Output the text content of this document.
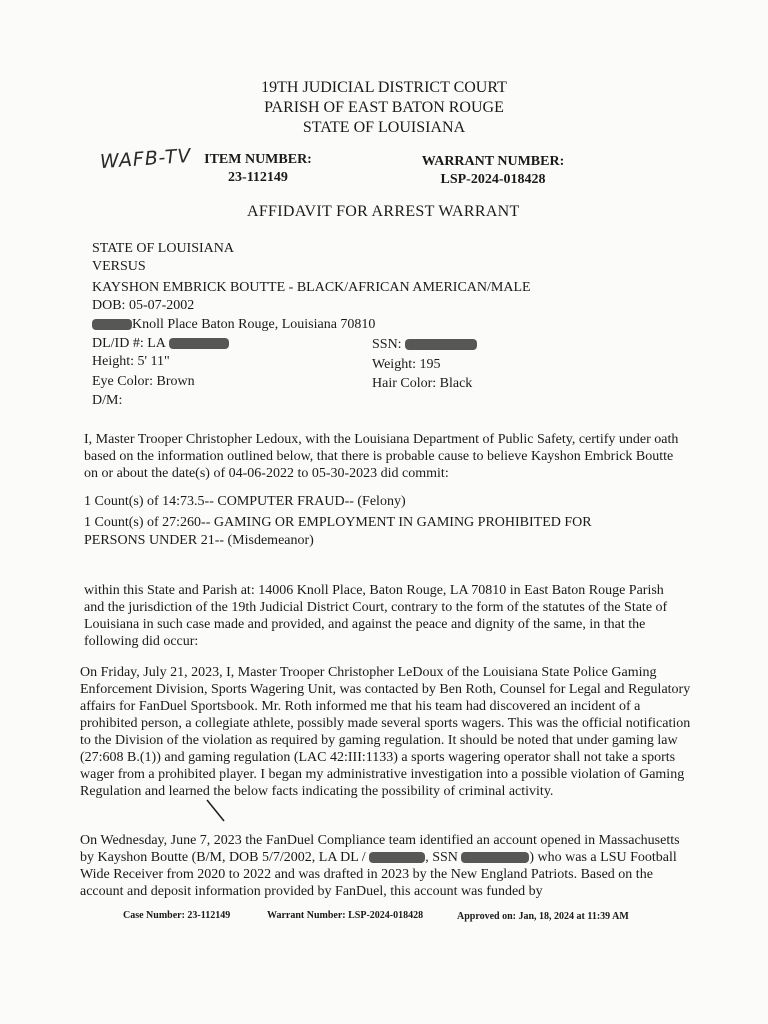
19TH JUDICIAL DISTRICT COURT
PARISH OF EAST BATON ROUGE
STATE OF LOUISIANA
WAFB-TV ITEM NUMBER:
23-112149
WARRANT NUMBER:
LSP-2024-018428
AFFIDAVIT FOR ARREST WARRANT
STATE OF LOUISIANA
VERSUS
KAYSHON EMBRICK BOUTTE - BLACK/AFRICAN AMERICAN/MALE
DOB: 05-07-2002
Knoll Place Baton Rouge, Louisiana 70810
DL/ID #: LA	SSN:
Height: 5' 11"	Weight: 195
Eye Color: Brown	Hair Color: Black
D/M:
I, Master Trooper Christopher Ledoux, with the Louisiana Department of Public Safety, certify under oath based on the information outlined below, that there is probable cause to believe Kayshon Embrick Boutte on or about the date(s) of 04-06-2022 to 05-30-2023 did commit:
1 Count(s) of 14:73.5-- COMPUTER FRAUD-- (Felony)
1 Count(s) of 27:260-- GAMING OR EMPLOYMENT IN GAMING PROHIBITED FOR
PERSONS UNDER 21-- (Misdemeanor)
within this State and Parish at: 14006 Knoll Place, Baton Rouge, LA 70810 in East Baton Rouge Parish and the jurisdiction of the 19th Judicial District Court, contrary to the form of the statutes of the State of Louisiana in such case made and provided, and against the peace and dignity of the same, in that the following did occur:
On Friday, July 21, 2023, I, Master Trooper Christopher LeDoux of the Louisiana State Police Gaming Enforcement Division, Sports Wagering Unit, was contacted by Ben Roth, Counsel for Legal and Regulatory affairs for FanDuel Sportsbook. Mr. Roth informed me that his team had discovered an incident of a prohibited person, a collegiate athlete, possibly made several sports wagers. This was the official notification to the Division of the violation as required by gaming regulation. It should be noted that under gaming law (27:608 B.(1)) and gaming regulation (LAC 42:III:1133) a sports wagering operator shall not take a sports wager from a prohibited player. I began my administrative investigation into a possible violation of Gaming Regulation and learned the below facts indicating the possibility of criminal activity.
On Wednesday, June 7, 2023 the FanDuel Compliance team identified an account opened in Massachusetts by Kayshon Boutte (B/M, DOB 5/7/2002, LA DL /	, SSN	) who was a LSU Football Wide Receiver from 2020 to 2022 and was drafted in 2023 by the New England Patriots. Based on the account and deposit information provided by FanDuel, this account was funded by
Case Number: 23-112149	Warrant Number: LSP-2024-018428	Approved on: Jan, 18, 2024 at 11:39 AM
